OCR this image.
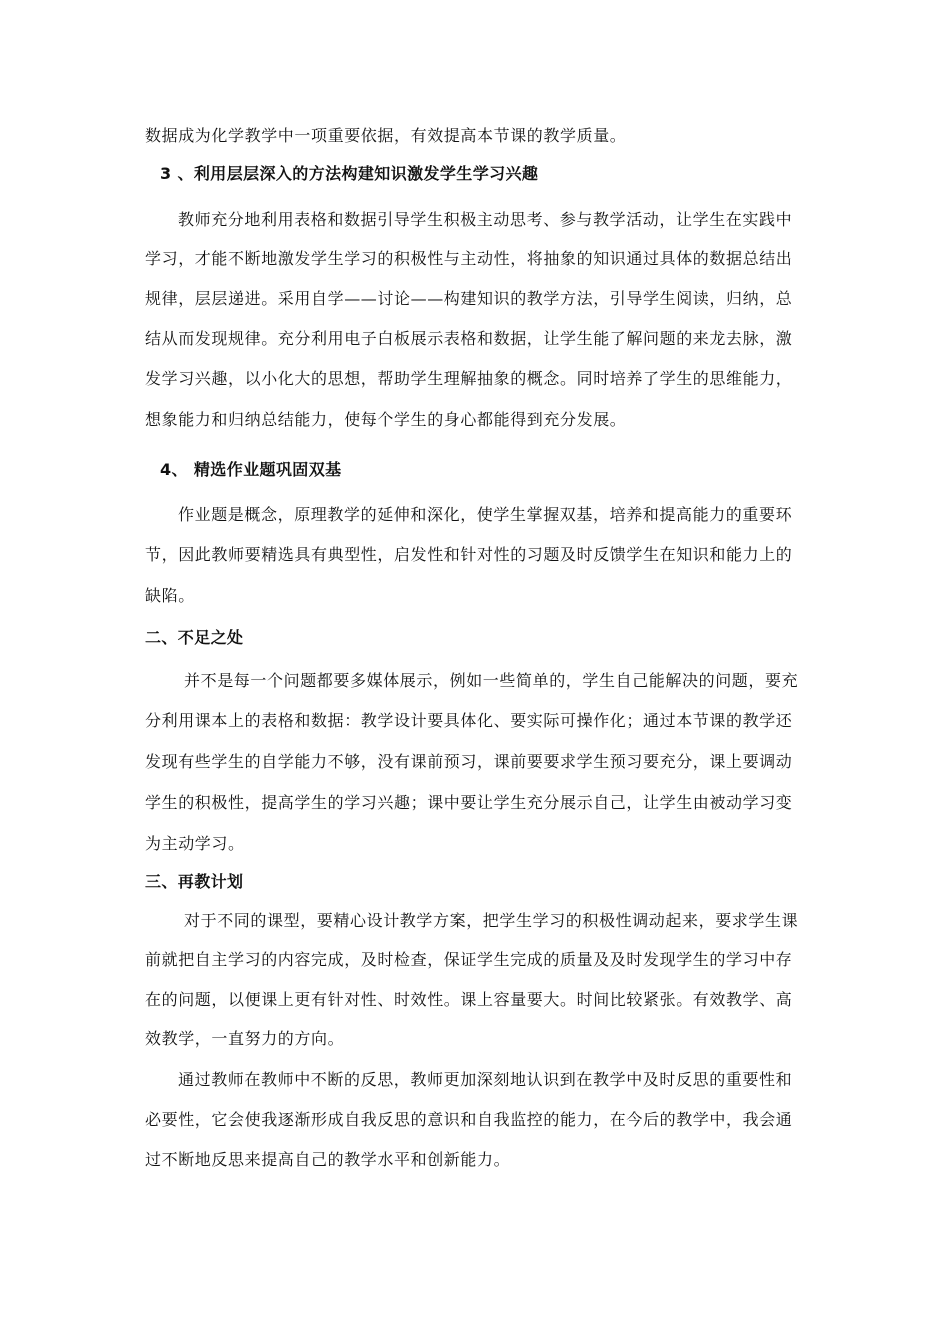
数据成为化学教学中一项重要依据，有效提高本节课的教学质量。
3 、利用层层深入的方法构建知识激发学生学习兴趣
教师充分地利用表格和数据引导学生积极主动思考、参与教学活动，让学生在实践中
学习，才能不断地激发学生学习的积极性与主动性，将抽象的知识通过具体的数据总结出
规律，层层递进。采用自学——讨论——构建知识的教学方法，引导学生阅读，归纳，总
结从而发现规律。充分利用电子白板展示表格和数据，让学生能了解问题的来龙去脉，激
发学习兴趣，以小化大的思想，帮助学生理解抽象的概念。同时培养了学生的思维能力，
想象能力和归纳总结能力，使每个学生的身心都能得到充分发展。
4、 精选作业题巩固双基
作业题是概念，原理教学的延伸和深化，使学生掌握双基，培养和提高能力的重要环
节，因此教师要精选具有典型性，启发性和针对性的习题及时反馈学生在知识和能力上的
缺陷。
二、不足之处
并不是每一个问题都要多媒体展示，例如一些简单的，学生自己能解决的问题，要充
分利用课本上的表格和数据：教学设计要具体化、要实际可操作化；通过本节课的教学还
发现有些学生的自学能力不够，没有课前预习，课前要要求学生预习要充分，课上要调动
学生的积极性，提高学生的学习兴趣；课中要让学生充分展示自己，让学生由被动学习变
为主动学习。
三、再教计划
对于不同的课型，要精心设计教学方案，把学生学习的积极性调动起来，要求学生课
前就把自主学习的内容完成，及时检查，保证学生完成的质量及及时发现学生的学习中存
在的问题，以便课上更有针对性、时效性。课上容量要大。时间比较紧张。有效教学、高
效教学，一直努力的方向。
通过教师在教师中不断的反思，教师更加深刻地认识到在教学中及时反思的重要性和
必要性，它会使我逐渐形成自我反思的意识和自我监控的能力，在今后的教学中，我会通
过不断地反思来提高自己的教学水平和创新能力。
